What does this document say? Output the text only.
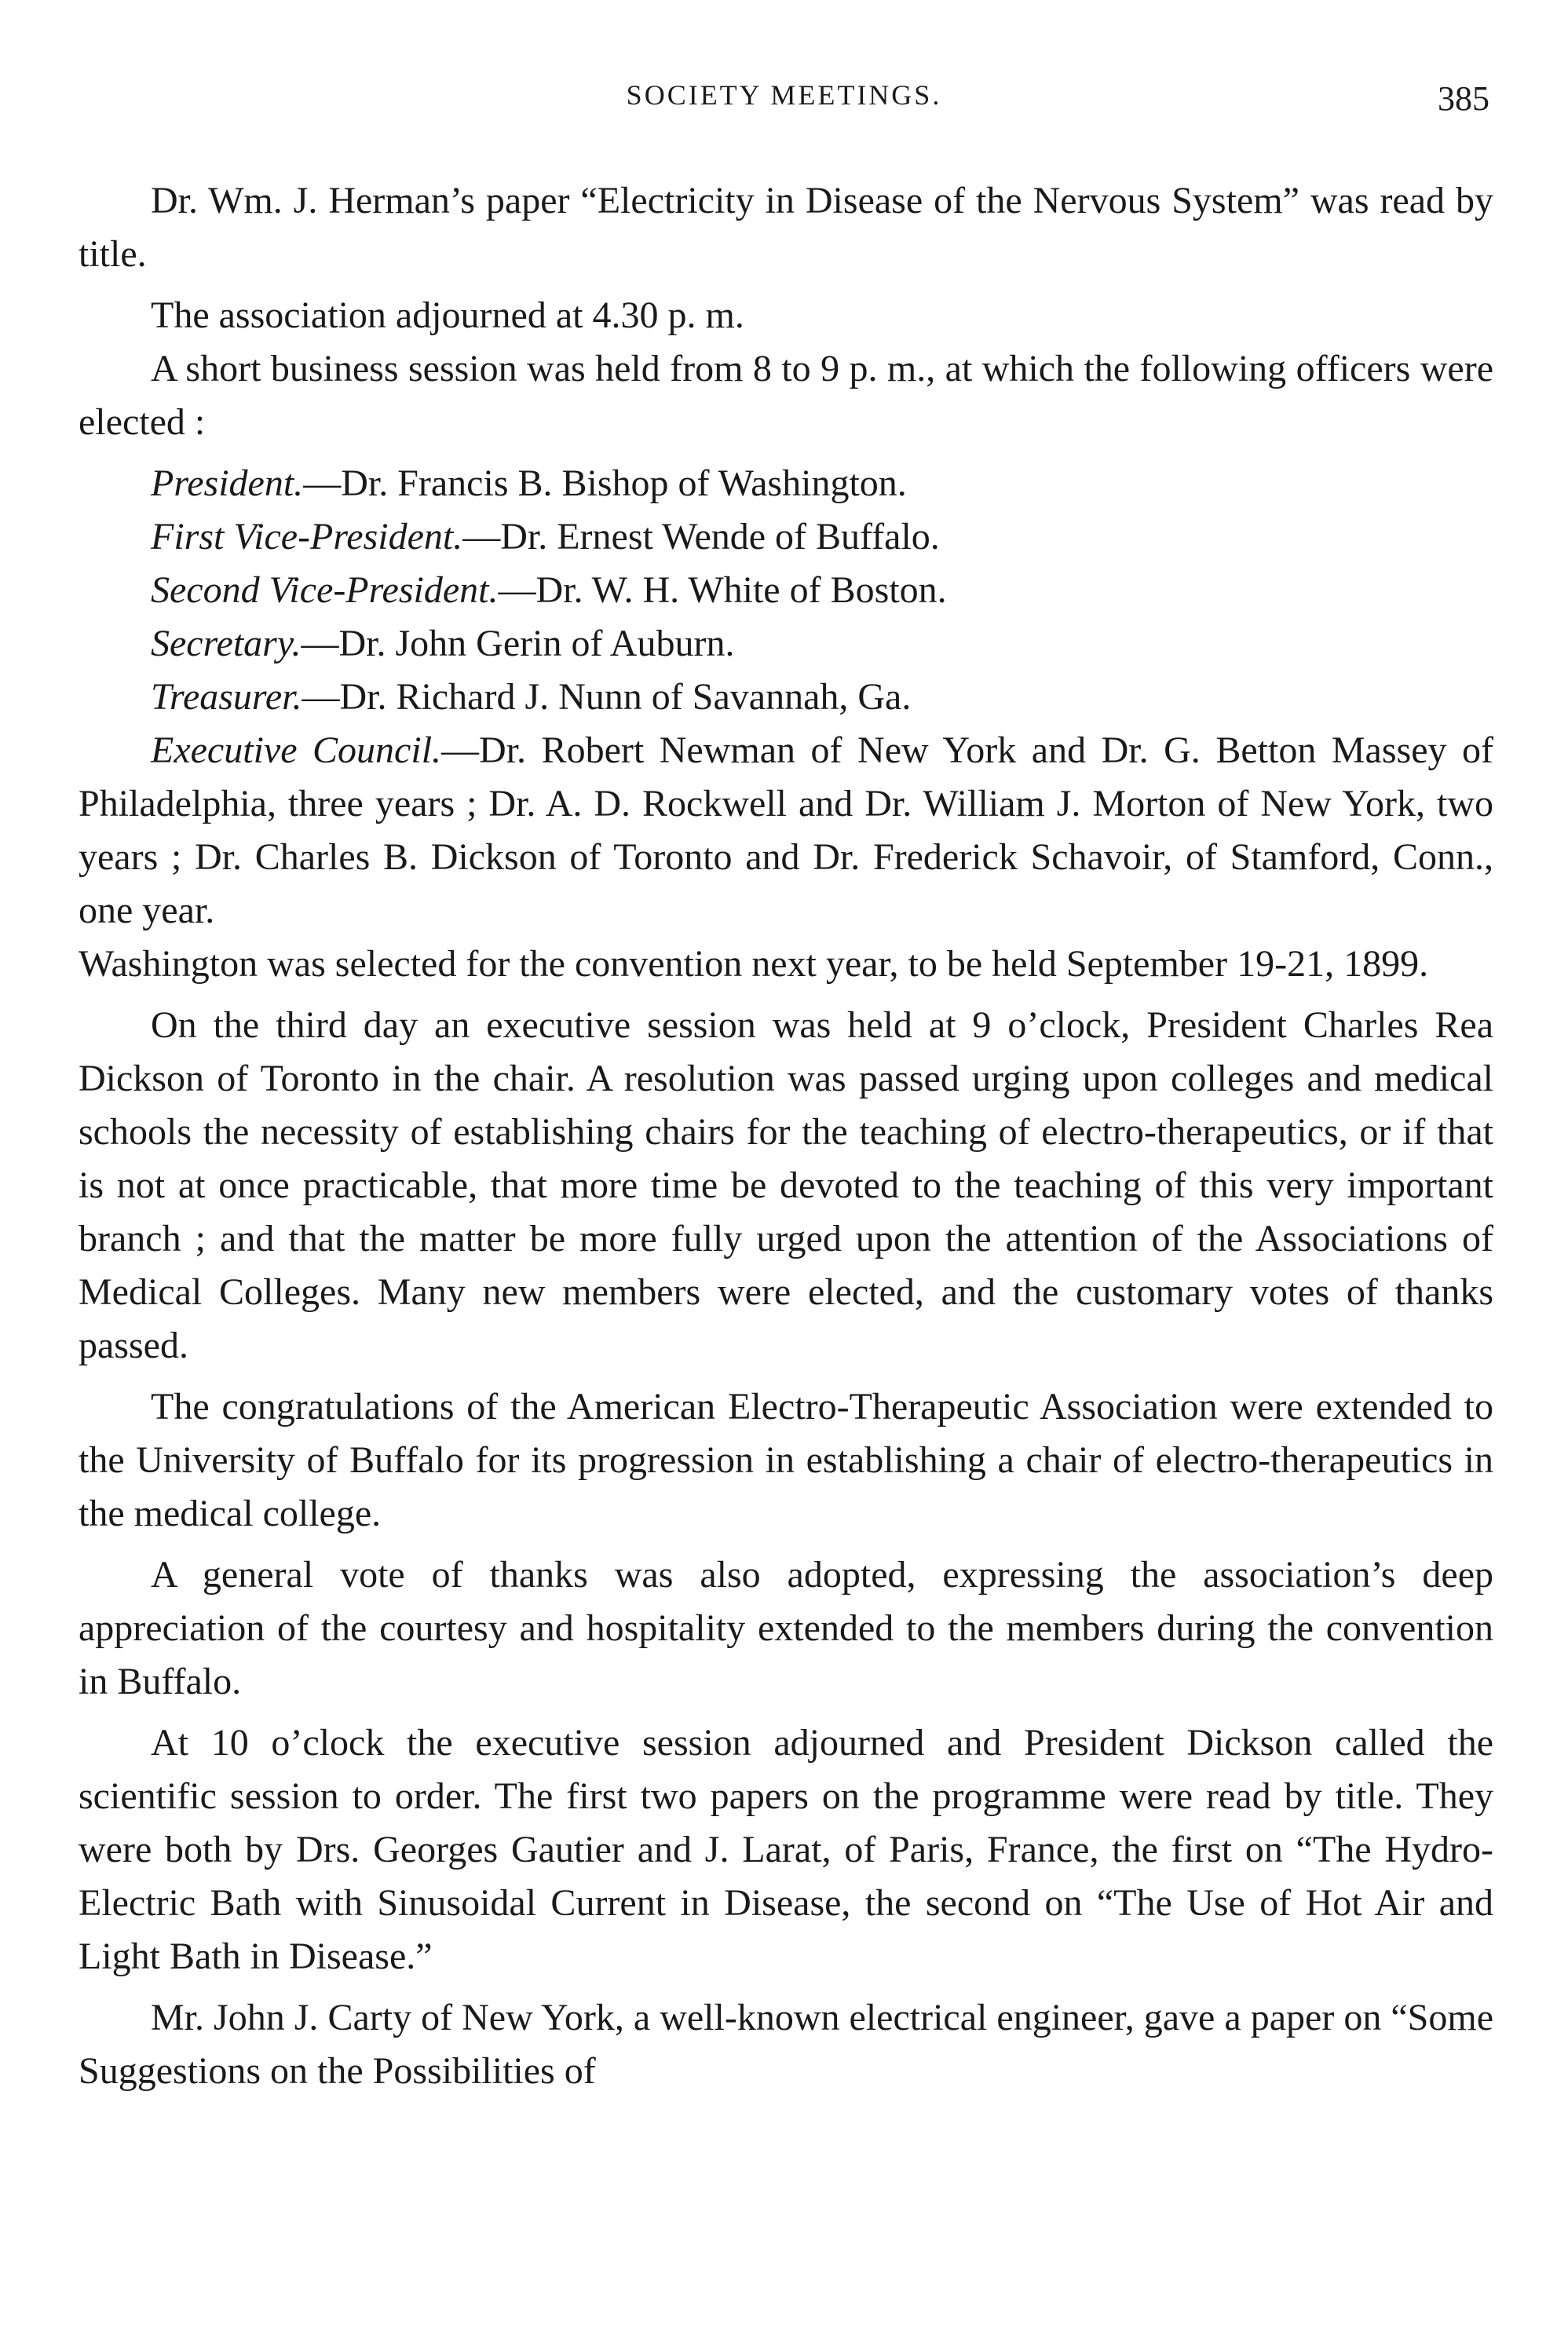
SOCIETY MEETINGS.	385

Dr. Wm. J. Herman’s paper “Electricity in Disease of the Nervous System” was read by title.

The association adjourned at 4.30 p. m.

A short business session was held from 8 to 9 p. m., at which the following officers were elected :

President.—Dr. Francis B. Bishop of Washington.

First Vice-President.—Dr. Ernest Wende of Buffalo.

Second Vice-President.—Dr. W. H. White of Boston.

Secretary.—Dr. John Gerin of Auburn.

Treasurer.—Dr. Richard J. Nunn of Savannah, Ga.

Executive Council.—Dr. Robert Newman of New York and Dr. G. Betton Massey of Philadelphia, three years ; Dr. A. D. Rockwell and Dr. William J. Morton of New York, two years ; Dr. Charles B. Dickson of Toronto and Dr. Frederick Schavoir, of Stamford, Conn., one year.

Washington was selected for the convention next year, to be held September 19-21, 1899.

On the third day an executive session was held at 9 o’clock, President Charles Rea Dickson of Toronto in the chair. A resolution was passed urging upon colleges and medical schools the necessity of establishing chairs for the teaching of electro-therapeutics, or if that is not at once practicable, that more time be devoted to the teaching of this very important branch ; and that the matter be more fully urged upon the attention of the Associations of Medical Colleges. Many new members were elected, and the customary votes of thanks passed.

The congratulations of the American Electro-Therapeutic Association were extended to the University of Buffalo for its progression in establishing a chair of electro-therapeutics in the medical college.

A general vote of thanks was also adopted, expressing the association’s deep appreciation of the courtesy and hospitality extended to the members during the convention in Buffalo.

At 10 o’clock the executive session adjourned and President Dickson called the scientific session to order. The first two papers on the programme were read by title. They were both by Drs. Georges Gautier and J. Larat, of Paris, France, the first on “The Hydro-Electric Bath with Sinusoidal Current in Disease, the second on “The Use of Hot Air and Light Bath in Disease.”

Mr. John J. Carty of New York, a well-known electrical engineer, gave a paper on “Some Suggestions on the Possibilities of
